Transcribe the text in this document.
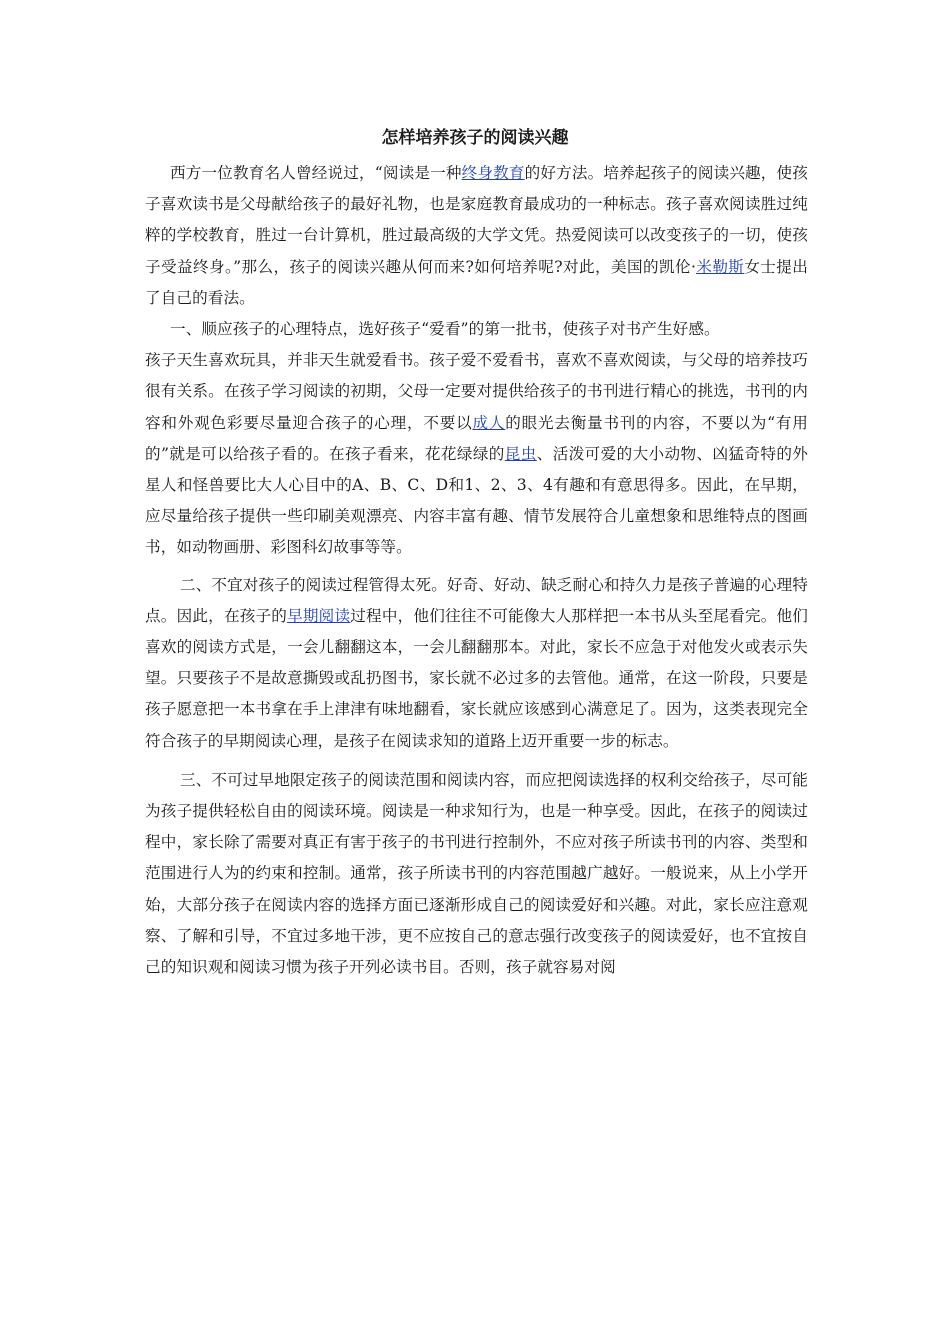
怎样培养孩子的阅读兴趣

西方一位教育名人曾经说过，“阅读是一种终身教育的好方法。培养起孩子的阅读兴趣，使孩子喜欢读书是父母献给孩子的最好礼物，也是家庭教育最成功的一种标志。孩子喜欢阅读胜过纯粹的学校教育，胜过一台计算机，胜过最高级的大学文凭。热爱阅读可以改变孩子的一切，使孩子受益终身。”那么，孩子的阅读兴趣从何而来?如何培养呢?对此，美国的凯伦·米勒斯女士提出了自己的看法。

一、顺应孩子的心理特点，选好孩子“爱看”的第一批书，使孩子对书产生好感。

孩子天生喜欢玩具，并非天生就爱看书。孩子爱不爱看书，喜欢不喜欢阅读，与父母的培养技巧很有关系。在孩子学习阅读的初期，父母一定要对提供给孩子的书刊进行精心的挑选，书刊的内容和外观色彩要尽量迎合孩子的心理，不要以成人的眼光去衡量书刊的内容，不要以为“有用的”就是可以给孩子看的。在孩子看来，花花绿绿的昆虫、活泼可爱的大小动物、凶猛奇特的外星人和怪兽要比大人心目中的A、B、C、D和1、2、3、4有趣和有意思得多。因此，在早期，应尽量给孩子提供一些印刷美观漂亮、内容丰富有趣、情节发展符合儿童想象和思维特点的图画书，如动物画册、彩图科幻故事等等。

二、不宜对孩子的阅读过程管得太死。好奇、好动、缺乏耐心和持久力是孩子普遍的心理特点。因此，在孩子的早期阅读过程中，他们往往不可能像大人那样把一本书从头至尾看完。他们喜欢的阅读方式是，一会儿翻翻这本，一会儿翻翻那本。对此，家长不应急于对他发火或表示失望。只要孩子不是故意撕毁或乱扔图书，家长就不必过多的去管他。通常，在这一阶段，只要是孩子愿意把一本书拿在手上津津有味地翻看，家长就应该感到心满意足了。因为，这类表现完全符合孩子的早期阅读心理，是孩子在阅读求知的道路上迈开重要一步的标志。

三、不可过早地限定孩子的阅读范围和阅读内容，而应把阅读选择的权利交给孩子，尽可能为孩子提供轻松自由的阅读环境。阅读是一种求知行为，也是一种享受。因此，在孩子的阅读过程中，家长除了需要对真正有害于孩子的书刊进行控制外，不应对孩子所读书刊的内容、类型和范围进行人为的约束和控制。通常，孩子所读书刊的内容范围越广越好。一般说来，从上小学开始，大部分孩子在阅读内容的选择方面已逐渐形成自己的阅读爱好和兴趣。对此，家长应注意观察、了解和引导，不宜过多地干涉，更不应按自己的意志强行改变孩子的阅读爱好，也不宜按自己的知识观和阅读习惯为孩子开列必读书目。否则，孩子就容易对阅
